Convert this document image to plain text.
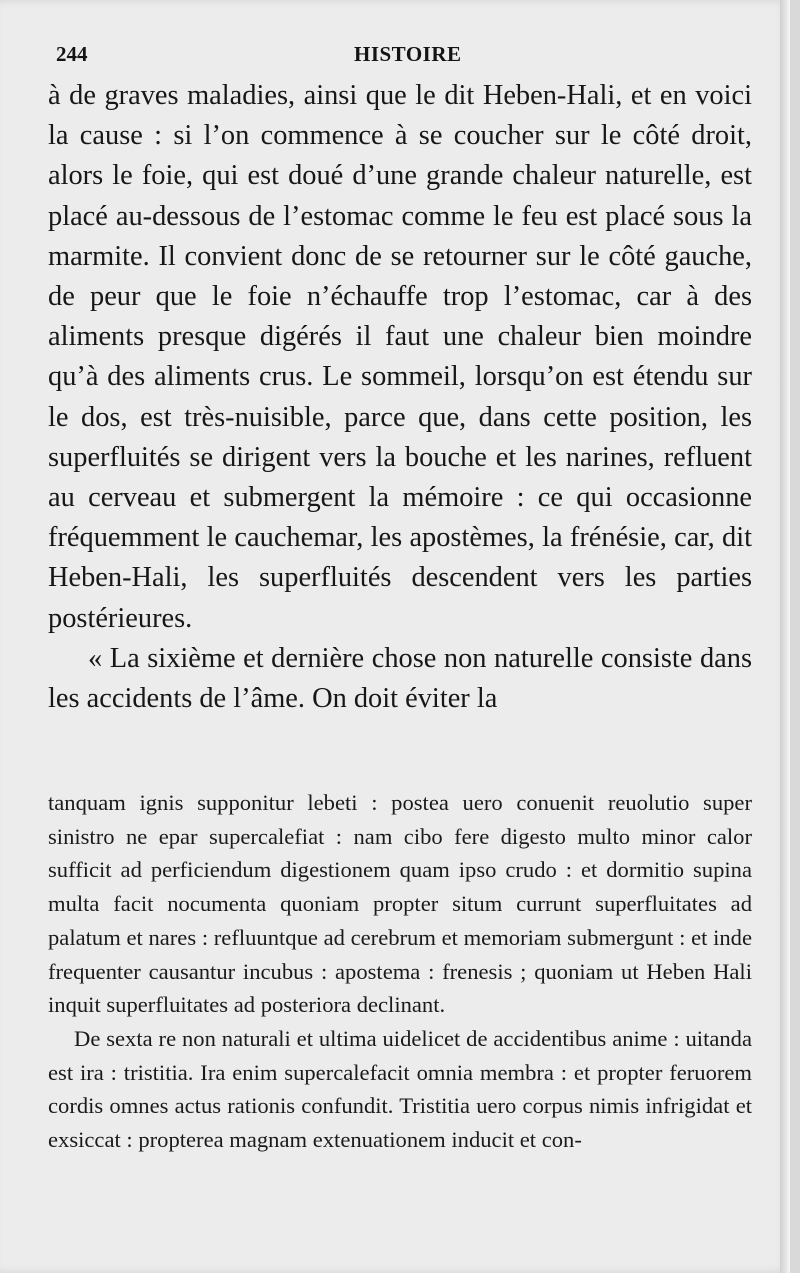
244	HISTOIRE

à de graves maladies, ainsi que le dit Heben-Hali, et en voici la cause : si l’on commence à se coucher sur le côté droit, alors le foie, qui est doué d’une grande chaleur naturelle, est placé au-dessous de l’estomac comme le feu est placé sous la marmite. Il convient donc de se retourner sur le côté gauche, de peur que le foie n’échauffe trop l’estomac, car à des aliments presque digérés il faut une chaleur bien moindre qu’à des aliments crus. Le sommeil, lorsqu’on est étendu sur le dos, est très-nuisible, parce que, dans cette position, les superfluités se dirigent vers la bouche et les narines, refluent au cerveau et submergent la mémoire : ce qui occasionne fréquemment le cauchemar, les apostèmes, la frénésie, car, dit Heben-Hali, les superfluités descendent vers les parties postérieures.

« La sixième et dernière chose non naturelle consiste dans les accidents de l’âme. On doit éviter la

tanquam ignis supponitur lebeti : postea uero conuenit reuolutio super sinistro ne epar supercalefiat : nam cibo fere digesto multo minor calor sufficit ad perficiendum digestionem quam ipso crudo : et dormitio supina multa facit nocumenta quoniam propter situm currunt superfluitates ad palatum et nares : refluuntque ad cerebrum et memoriam submergunt : et inde frequenter causantur incubus : apostema : frenesis ; quoniam ut Heben Hali inquit superfluitates ad posteriora declinant.

De sexta re non naturali et ultima uidelicet de accidentibus anime : uitanda est ira : tristitia. Ira enim supercalefacit omnia membra : et propter feruorem cordis omnes actus rationis confundit. Tristitia uero corpus nimis infrigidat et exsiccat : propterea magnam extenuationem inducit et con-
